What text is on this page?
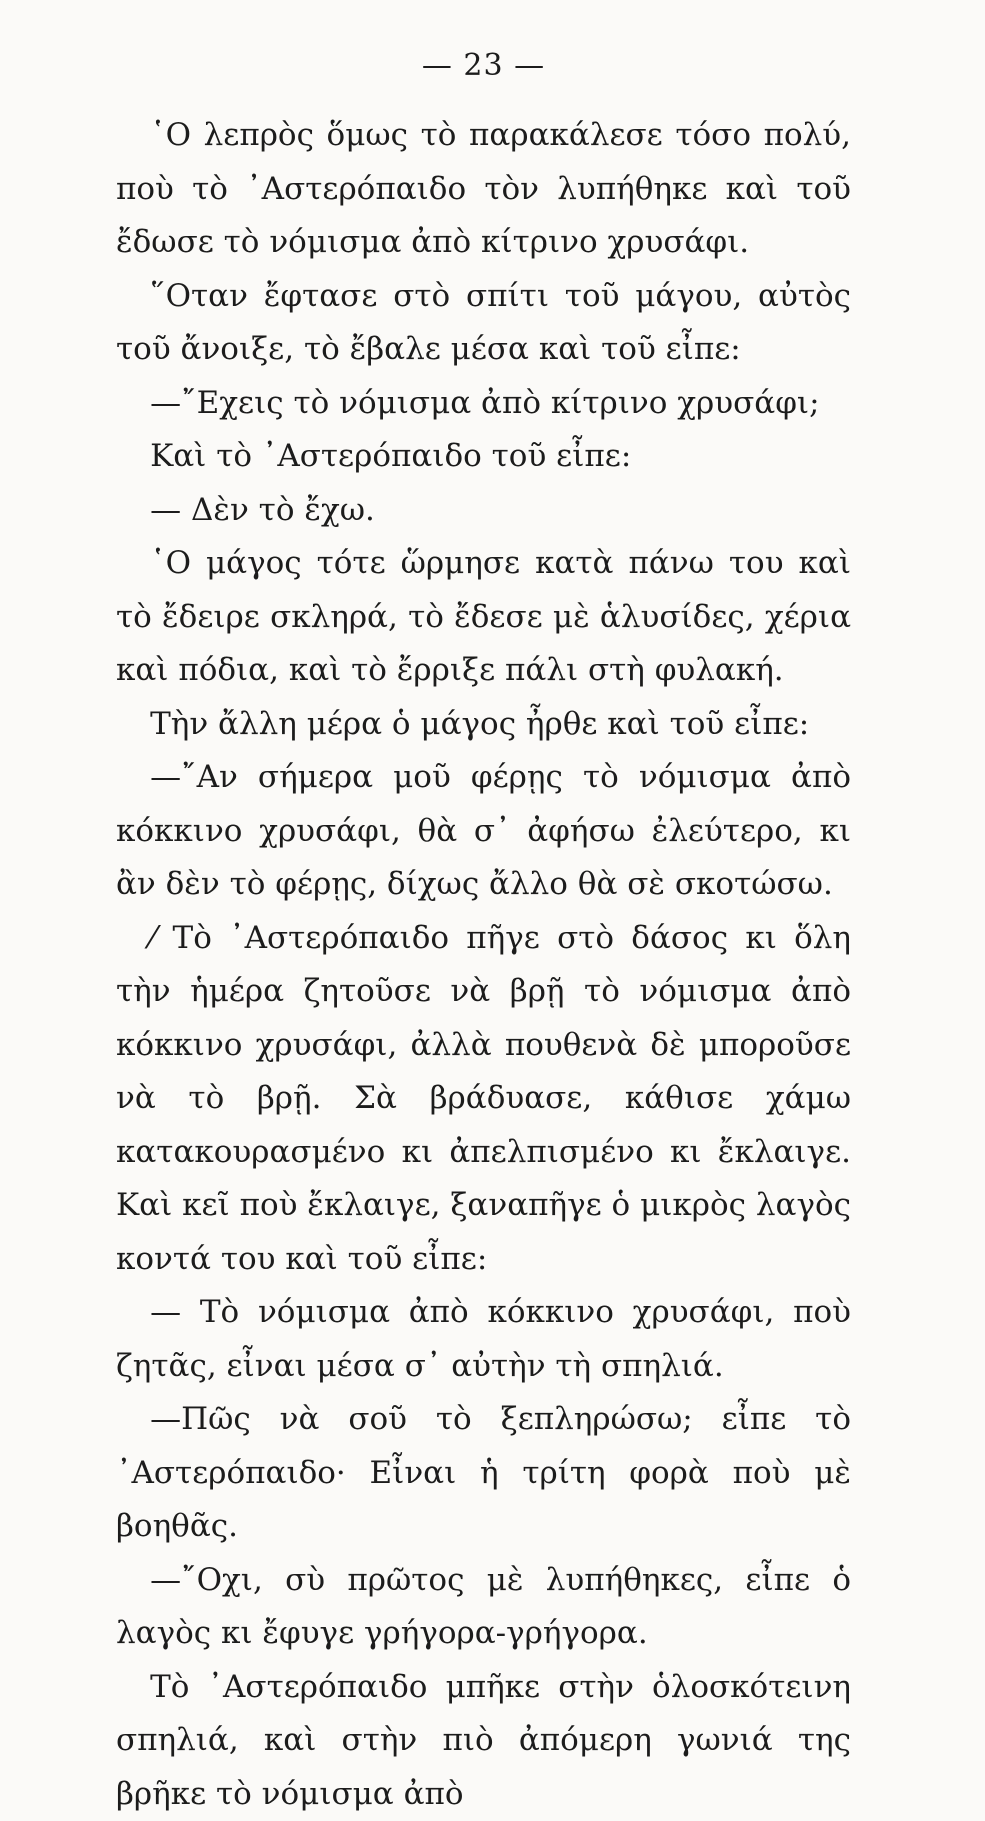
— 23 —

῾Ο λεπρὸς ὅμως τὸ παρακάλεσε τόσο πολύ, ποὺ τὸ ᾿Αστερόπαιδο τὸν λυπήθηκε καὶ τοῦ ἔδωσε τὸ νόμισμα ἀπὸ κίτρινο χρυσάφι.

῞Οταν ἔφτασε στὸ σπίτι τοῦ μάγου, αὐτὸς τοῦ ἄνοιξε, τὸ ἔβαλε μέσα καὶ τοῦ εἶπε:

—῎Εχεις τὸ νόμισμα ἀπὸ κίτρινο χρυσάφι;

Καὶ τὸ ᾿Αστερόπαιδο τοῦ εἶπε:

— Δὲν τὸ ἔχω.

῾Ο μάγος τότε ὥρμησε κατὰ πάνω του καὶ τὸ ἔδειρε σκληρά, τὸ ἔδεσε μὲ ἁλυσίδες, χέρια καὶ πόδια, καὶ τὸ ἔρριξε πάλι στὴ φυλακή.

Τὴν ἄλλη μέρα ὁ μάγος ἦρθε καὶ τοῦ εἶπε:

—῎Αν σήμερα μοῦ φέρῃς τὸ νόμισμα ἀπὸ κόκκινο χρυσάφι, θὰ σ᾿ ἀφήσω ἐλεύτερο, κι ἂν δὲν τὸ φέρῃς, δίχως ἄλλο θὰ σὲ σκοτώσω.

⁄ Τὸ ᾿Αστερόπαιδο πῆγε στὸ δάσος κι ὅλη τὴν ἡμέρα ζητοῦσε νὰ βρῇ τὸ νόμισμα ἀπὸ κόκκινο χρυσάφι, ἀλλὰ πουθενὰ δὲ μποροῦσε νὰ τὸ βρῇ. Σὰ βράδυασε, κάθισε χάμω κατακουρασμένο κι ἀπελπισμένο κι ἔκλαιγε. Καὶ κεῖ ποὺ ἔκλαιγε, ξαναπῆγε ὁ μικρὸς λαγὸς κοντά του καὶ τοῦ εἶπε:

— Τὸ νόμισμα ἀπὸ κόκκινο χρυσάφι, ποὺ ζητᾶς, εἶναι μέσα σ᾿ αὐτὴν τὴ σπηλιά.

—Πῶς νὰ σοῦ τὸ ξεπληρώσω; εἶπε τὸ ᾿Αστερόπαιδο· Εἶναι ἡ τρίτη φορὰ ποὺ μὲ βοηθᾶς.

—῎Οχι, σὺ πρῶτος μὲ λυπήθηκες, εἶπε ὁ λαγὸς κι ἔφυγε γρήγορα-γρήγορα.

Τὸ ᾿Αστερόπαιδο μπῆκε στὴν ὁλοσκότεινη σπηλιά, καὶ στὴν πιὸ ἀπόμερη γωνιά της βρῆκε τὸ νόμισμα ἀπὸ
